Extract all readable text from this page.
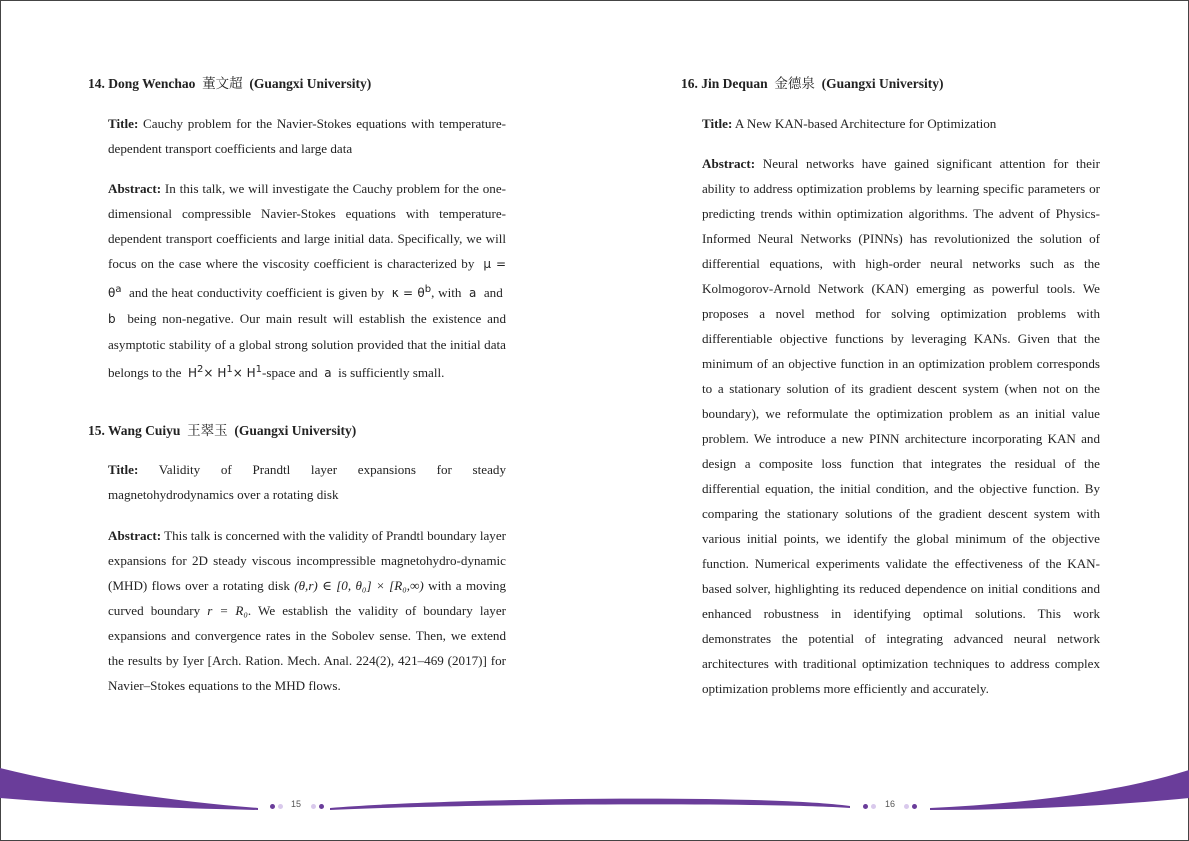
14. Dong Wenchao 董文超 (Guangxi University)
Title: Cauchy problem for the Navier-Stokes equations with temperature-dependent transport coefficients and large data
Abstract: In this talk, we will investigate the Cauchy problem for the one-dimensional compressible Navier-Stokes equations with temperature-dependent transport coefficients and large initial data. Specifically, we will focus on the case where the viscosity coefficient is characterized by $\mu = \theta^a$ and the heat conductivity coefficient is given by $\kappa = \theta^b$, with a and  b being non-negative. Our main result will establish the existence and asymptotic stability of a global strong solution provided that the initial data belongs to the $H^2\times H^1\times$ $H^1$-space and a is sufficiently small.
15. Wang Cuiyu 王翠玉 (Guangxi University)
Title: Validity of Prandtl layer expansions for steady magnetohydrodynamics over a rotating disk
Abstract: This talk is concerned with the validity of Prandtl boundary layer expansions for 2D steady viscous incompressible magnetohydro-dynamic (MHD) flows over a rotating disk (θ,r) ∈ [0, θ₀] × [R₀,∞) with a moving curved boundary r = R₀. We establish the validity of boundary layer expansions and convergence rates in the Sobolev sense. Then, we extend the results by Iyer [Arch. Ration. Mech. Anal. 224(2), 421–469 (2017)] for Navier–Stokes equations to the MHD flows.
16. Jin Dequan 金德泉 (Guangxi University)
Title: A New KAN-based Architecture for Optimization
Abstract: Neural networks have gained significant attention for their ability to address optimization problems by learning specific parameters or predicting trends within optimization algorithms. The advent of Physics-Informed Neural Networks (PINNs) has revolutionized the solution of differential equations, with high-order neural networks such as the Kolmogorov-Arnold Network (KAN) emerging as powerful tools. We proposes a novel method for solving optimization problems with differentiable objective functions by leveraging KANs. Given that the minimum of an objective function in an optimization problem corresponds to a stationary solution of its gradient descent system (when not on the boundary), we reformulate the optimization problem as an initial value problem. We introduce a new PINN architecture incorporating KAN and design a composite loss function that integrates the residual of the differential equation, the initial condition, and the objective function. By comparing the stationary solutions of the gradient descent system with various initial points, we identify the global minimum of the objective function. Numerical experiments validate the effectiveness of the KAN-based solver, highlighting its reduced dependence on initial conditions and enhanced robustness in identifying optimal solutions. This work demonstrates the potential of integrating advanced neural network architectures with traditional optimization techniques to address complex optimization problems more efficiently and accurately.
15	16
